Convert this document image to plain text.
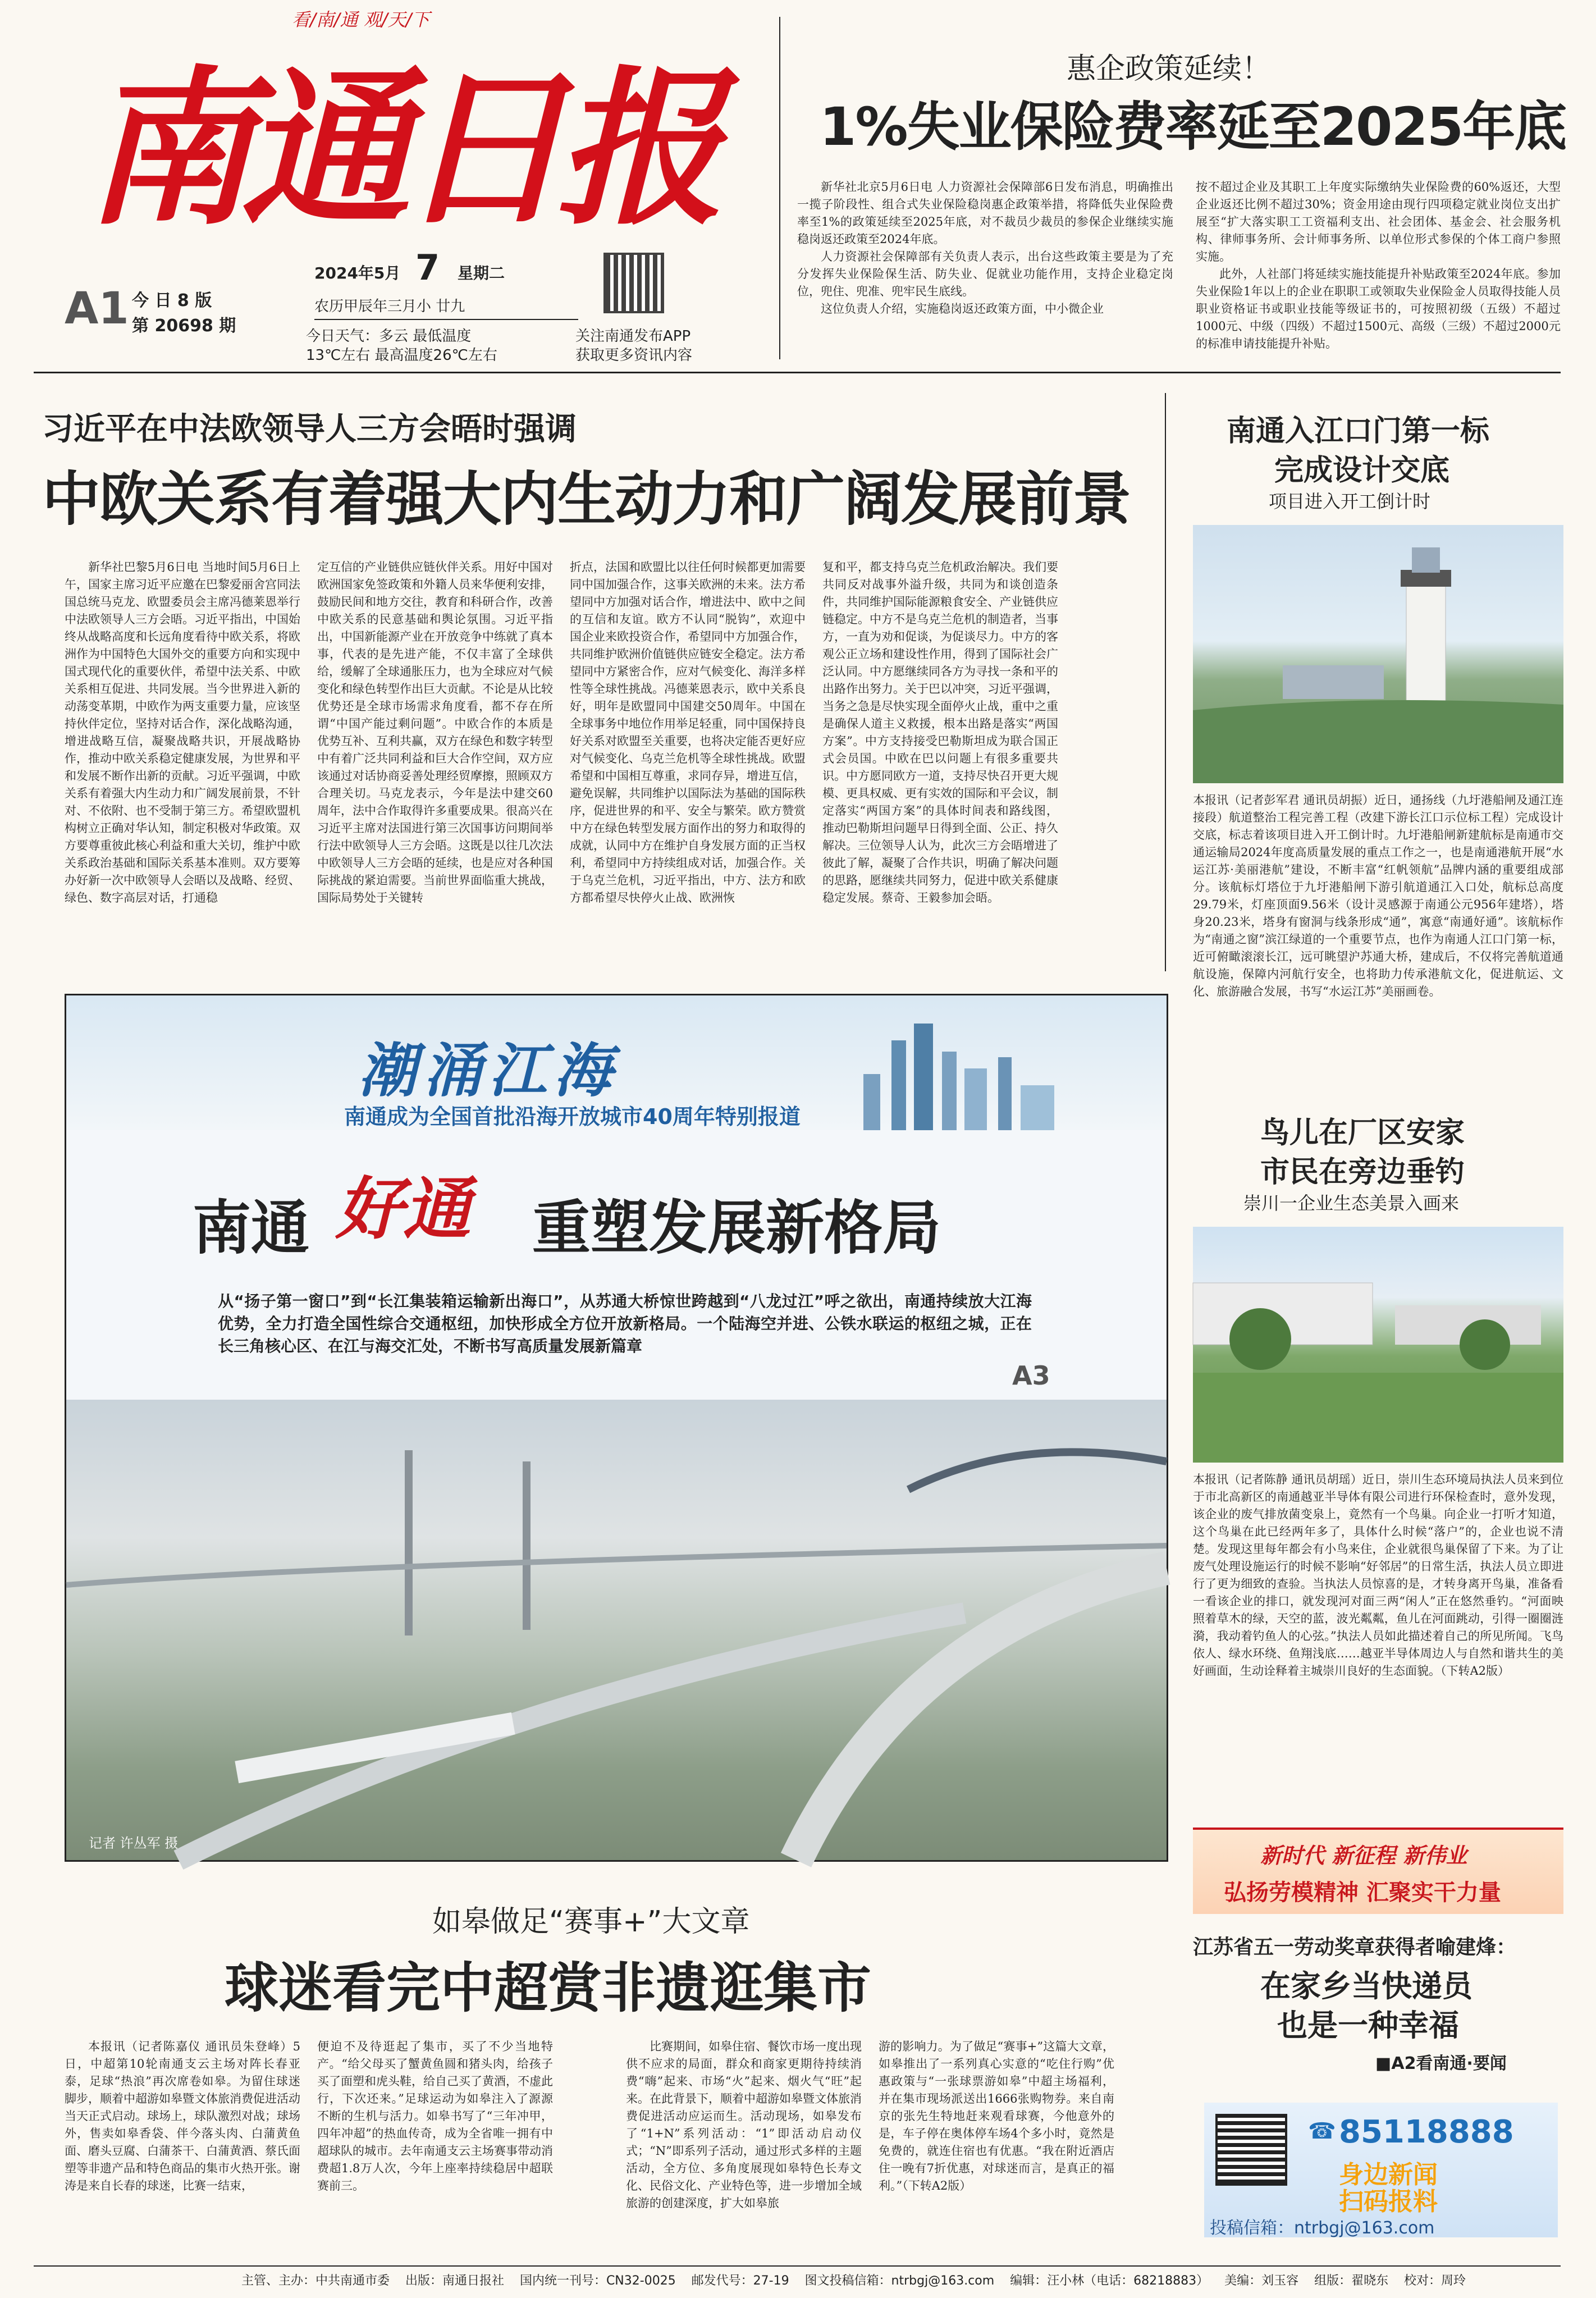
南通日报
看/南/通 观/天/下
A1 今 日 8 版
第 20698 期
2024年5月 7 星期二
农历甲辰年三月小 廿九
今日天气：多云 最低温度
13℃左右 最高温度26℃左右
关注南通发布APP
获取更多资讯内容
惠企政策延续！
1%失业保险费率延至2025年底

新华社北京5月6日电 人力资源社会保障部6日发布消息，明确推出一揽子阶段性、组合式失业保险稳岗惠企政策举措，将降低失业保险费率至1%的政策延续至2025年底，对不裁员少裁员的参保企业继续实施稳岗返还政策至2024年底。

人力资源社会保障部有关负责人表示，出台这些政策主要是为了充分发挥失业保险保生活、防失业、促就业功能作用，支持企业稳定岗位，兜住、兜准、兜牢民生底线。

这位负责人介绍，实施稳岗返还政策方面，中小微企业

按不超过企业及其职工上年度实际缴纳失业保险费的60%返还，大型企业返还比例不超过30%；资金用途由现行四项稳定就业岗位支出扩展至“扩大落实职工工资福利支出、社会团体、基金会、社会服务机构、律师事务所、会计师事务所、以单位形式参保的个体工商户参照实施。

此外，人社部门将延续实施技能提升补贴政策至2024年底。参加失业保险1年以上的企业在职职工或领取失业保险金人员取得技能人员职业资格证书或职业技能等级证书的，可按照初级（五级）不超过1000元、中级（四级）不超过1500元、高级（三级）不超过2000元的标准申请技能提升补贴。

习近平在中法欧领导人三方会晤时强调
中欧关系有着强大内生动力和广阔发展前景

新华社巴黎5月6日电 当地时间5月6日上午，国家主席习近平应邀在巴黎爱丽舍宫同法国总统马克龙、欧盟委员会主席冯德莱恩举行中法欧领导人三方会晤。习近平指出，中国始终从战略高度和长远角度看待中欧关系，将欧洲作为中国特色大国外交的重要方向和实现中国式现代化的重要伙伴，希望中法关系、中欧关系相互促进、共同发展。当今世界进入新的动荡变革期，中欧作为两支重要力量，应该坚持伙伴定位，坚持对话合作，深化战略沟通，增进战略互信，凝聚战略共识，开展战略协作，推动中欧关系稳定健康发展，为世界和平和发展不断作出新的贡献。习近平强调，中欧关系有着强大内生动力和广阔发展前景，不针对、不依附、也不受制于第三方。希望欧盟机构树立正确对华认知，制定积极对华政策。双方要尊重彼此核心利益和重大关切，维护中欧关系政治基础和国际关系基本准则。双方要筹办好新一次中欧领导人会晤以及战略、经贸、绿色、数字高层对话，打通稳

定互信的产业链供应链伙伴关系。用好中国对欧洲国家免签政策和外籍人员来华便利安排，鼓励民间和地方交往，教育和科研合作，改善中欧关系的民意基础和舆论氛围。习近平指出，中国新能源产业在开放竞争中练就了真本事，代表的是先进产能，不仅丰富了全球供给，缓解了全球通胀压力，也为全球应对气候变化和绿色转型作出巨大贡献。不论是从比较优势还是全球市场需求角度看，都不存在所谓“中国产能过剩问题”。中欧合作的本质是优势互补、互利共赢，双方在绿色和数字转型中有着广泛共同利益和巨大合作空间，双方应该通过对话协商妥善处理经贸摩擦，照顾双方合理关切。马克龙表示，今年是法中建交60周年，法中合作取得许多重要成果。很高兴在习近平主席对法国进行第三次国事访问期间举行法中欧领导人三方会晤。这既是以往几次法中欧领导人三方会晤的延续，也是应对各种国际挑战的紧迫需要。当前世界面临重大挑战，国际局势处于关键转

折点，法国和欧盟比以往任何时候都更加需要同中国加强合作，这事关欧洲的未来。法方希望同中方加强对话合作，增进法中、欧中之间的互信和友谊。欧方不认同“脱钩”，欢迎中国企业来欧投资合作，希望同中方加强合作，共同维护欧洲价值链供应链安全稳定。法方希望同中方紧密合作，应对气候变化、海洋多样性等全球性挑战。冯德莱恩表示，欧中关系良好，明年是欧盟同中国建交50周年。中国在全球事务中地位作用举足轻重，同中国保持良好关系对欧盟至关重要，也将决定能否更好应对气候变化、乌克兰危机等全球性挑战。欧盟希望和中国相互尊重，求同存异，增进互信，避免误解，共同维护以国际法为基础的国际秩序，促进世界的和平、安全与繁荣。欧方赞赏中方在绿色转型发展方面作出的努力和取得的成就，认同中方在维护自身发展方面的正当权利，希望同中方持续组成对话，加强合作。关于乌克兰危机，习近平指出，中方、法方和欧方都希望尽快停火止战、欧洲恢

复和平，都支持乌克兰危机政治解决。我们要共同反对战事外溢升级，共同为和谈创造条件，共同维护国际能源粮食安全、产业链供应链稳定。中方不是乌克兰危机的制造者，当事方，一直为劝和促谈，为促谈尽力。中方的客观公正立场和建设性作用，得到了国际社会广泛认同。中方愿继续同各方为寻找一条和平的出路作出努力。关于巴以冲突，习近平强调，当务之急是尽快实现全面停火止战，重中之重是确保人道主义救援，根本出路是落实“两国方案”。中方支持接受巴勒斯坦成为联合国正式会员国。中欧在巴以问题上有很多重要共识。中方愿同欧方一道，支持尽快召开更大规模、更具权威、更有实效的国际和平会议，制定落实“两国方案”的具体时间表和路线图，推动巴勒斯坦问题早日得到全面、公正、持久解决。三位领导人认为，此次三方会晤增进了彼此了解，凝聚了合作共识，明确了解决问题的思路，愿继续共同努力，促进中欧关系健康稳定发展。蔡奇、王毅参加会晤。

潮涌江海
南通成为全国首批沿海开放城市40周年特别报道
南通 好通 重塑发展新格局
从“扬子第一窗口”到“长江集装箱运输新出海口”，从苏通大桥惊世跨越到“八龙过江”呼之欲出，南通持续放大江海优势，全力打造全国性综合交通枢纽，加快形成全方位开放新格局。一个陆海空并进、公铁水联运的枢纽之城，正在长三角核心区、在江与海交汇处，不断书写高质量发展新篇章
A3
记者 许丛军 摄
如皋做足“赛事+”大文章
球迷看完中超赏非遗逛集市

本报讯（记者陈嘉仪 通讯员朱登峰）5日，中超第10轮南通支云主场对阵长春亚泰，足球“热浪”再次席卷如皋。为留住球迷脚步，顺着中超游如皋暨文体旅消费促进活动当天正式启动。球场上，球队激烈对战；球场外，售卖如皋香袋、伴今落头肉、白蒲黄鱼面、磨头豆腐、白蒲茶干、白蒲黄酒、蔡氏面塑等非遗产品和特色商品的集市火热开张。谢涛是来自长春的球迷，比赛一结束，

便迫不及待逛起了集市，买了不少当地特产。“给父母买了蟹黄鱼圆和猪头肉，给孩子买了面塑和虎头鞋，给自己买了黄酒，不虚此行，下次还来。”足球运动为如皋注入了源源不断的生机与活力。如皋书写了“三年冲甲，四年冲超”的热血传奇，成为全省唯一拥有中超球队的城市。去年南通支云主场赛事带动消费超1.8万人次，今年上座率持续稳居中超联赛前三。

比赛期间，如皋住宿、餐饮市场一度出现供不应求的局面，群众和商家更期待持续消费“嗨”起来、市场“火”起来、烟火气“旺”起来。在此背景下，顺着中超游如皋暨文体旅消费促进活动应运而生。活动现场，如皋发布了“1+N”系列活动：“1”即活动启动仪式；“N”即系列子活动，通过形式多样的主题活动，全方位、多角度展现如皋特色长寿文化、民俗文化、产业特色等，进一步增加全域旅游的创建深度，扩大如皋旅

游的影响力。为了做足“赛事+”这篇大文章，如皋推出了一系列真心实意的“吃住行购”优惠政策与“一张球票游如皋”中超主场福利，并在集市现场派送出1666张购物券。来自南京的张先生特地赶来观看球赛，今他意外的是，车子停在奥体停车场4个多小时，竟然是免费的，就连住宿也有优惠。“我在附近酒店住一晚有7折优惠，对球迷而言，是真正的福利。”（下转A2版）

南通入江口门第一标
完成设计交底
项目进入开工倒计时
本报讯（记者彭军君 通讯员胡振）近日，通扬线（九圩港船闸及通江连接段）航道整治工程完善工程（改建下游长江口示位标工程）完成设计交底，标志着该项目进入开工倒计时。九圩港船闸新建航标是南通市交通运输局2024年度高质量发展的重点工作之一，也是南通港航开展“水运江苏·美丽港航”建设，不断丰富“红帆领航”品牌内涵的重要组成部分。该航标灯塔位于九圩港船闸下游引航道通江入口处，航标总高度29.79米，灯座顶面9.56米（设计灵感源于南通公元956年建塔），塔身20.23米，塔身有窗洞与线条形成“通”，寓意“南通好通”。该航标作为“南通之窗”滨江绿道的一个重要节点，也作为南通人江口门第一标，近可俯瞰滚滚长江，远可眺望沪苏通大桥，建成后，不仅将完善航道通航设施，保障内河航行安全，也将助力传承港航文化，促进航运、文化、旅游融合发展，书写“水运江苏”美丽画卷。
鸟儿在厂区安家
市民在旁边垂钓
崇川一企业生态美景入画来
本报讯（记者陈静 通讯员胡瑶）近日，崇川生态环境局执法人员来到位于市北高新区的南通越亚半导体有限公司进行环保检查时，意外发现，该企业的废气排放菌变泉上，竟然有一个鸟巢。向企业一打听才知道，这个鸟巢在此已经两年多了，具体什么时候“落户”的，企业也说不清楚。发现这里每年都会有小鸟来住，企业就很鸟巢保留了下来。为了让废气处理设施运行的时候不影响“好邻居”的日常生活，执法人员立即进行了更为细致的查验。当执法人员惊喜的是，才转身离开鸟巢，准备看一看该企业的排口，就发现河对面三两“闲人”正在悠然垂钓。“河面映照着草木的绿，天空的蓝，波光粼粼，鱼儿在河面跳动，引得一圈圈涟漪，我动着钓鱼人的心弦。”执法人员如此描述着自己的所见所闻。飞鸟依人、绿水环绕、鱼翔浅底……越亚半导体周边人与自然和谐共生的美好画面，生动诠释着主城崇川良好的生态面貌。（下转A2版）
新时代 新征程 新伟业
弘扬劳模精神 汇聚实干力量
江苏省五一劳动奖章获得者喻建烽：
在家乡当快递员
也是一种幸福
■A2看南通·要闻
☎ 85118888
身边新闻
扫码报料
投稿信箱：ntrbgj@163.com
主管、主办：中共南通市委    出版：南通日报社    国内统一刊号：CN32-0025    邮发代号：27-19    图文投稿信箱：ntrbgj@163.com    编辑：汪小林（电话：68218883）    美编：刘玉容    组版：翟晓东    校对：周玲
